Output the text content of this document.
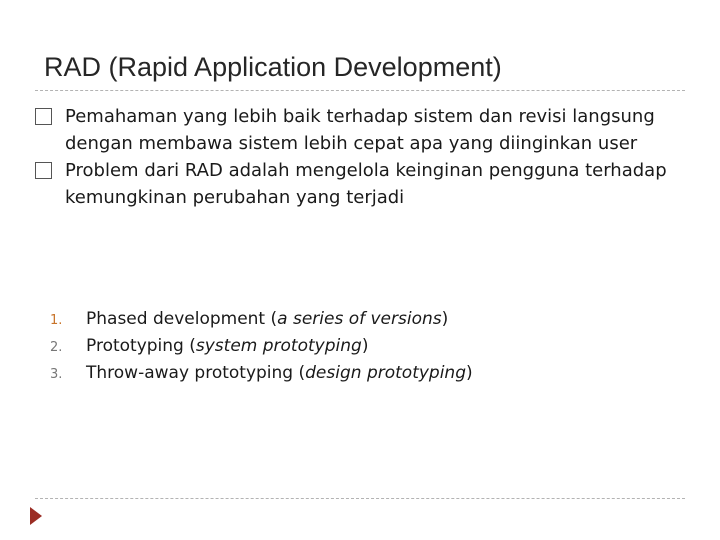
RAD (Rapid Application Development)
Pemahaman yang lebih baik terhadap sistem dan revisi langsung dengan membawa sistem lebih cepat apa yang diinginkan user
Problem dari RAD adalah mengelola keinginan pengguna terhadap kemungkinan perubahan yang terjadi
1. Phased development (a series of versions)
2. Prototyping (system prototyping)
3. Throw-away prototyping (design prototyping)
